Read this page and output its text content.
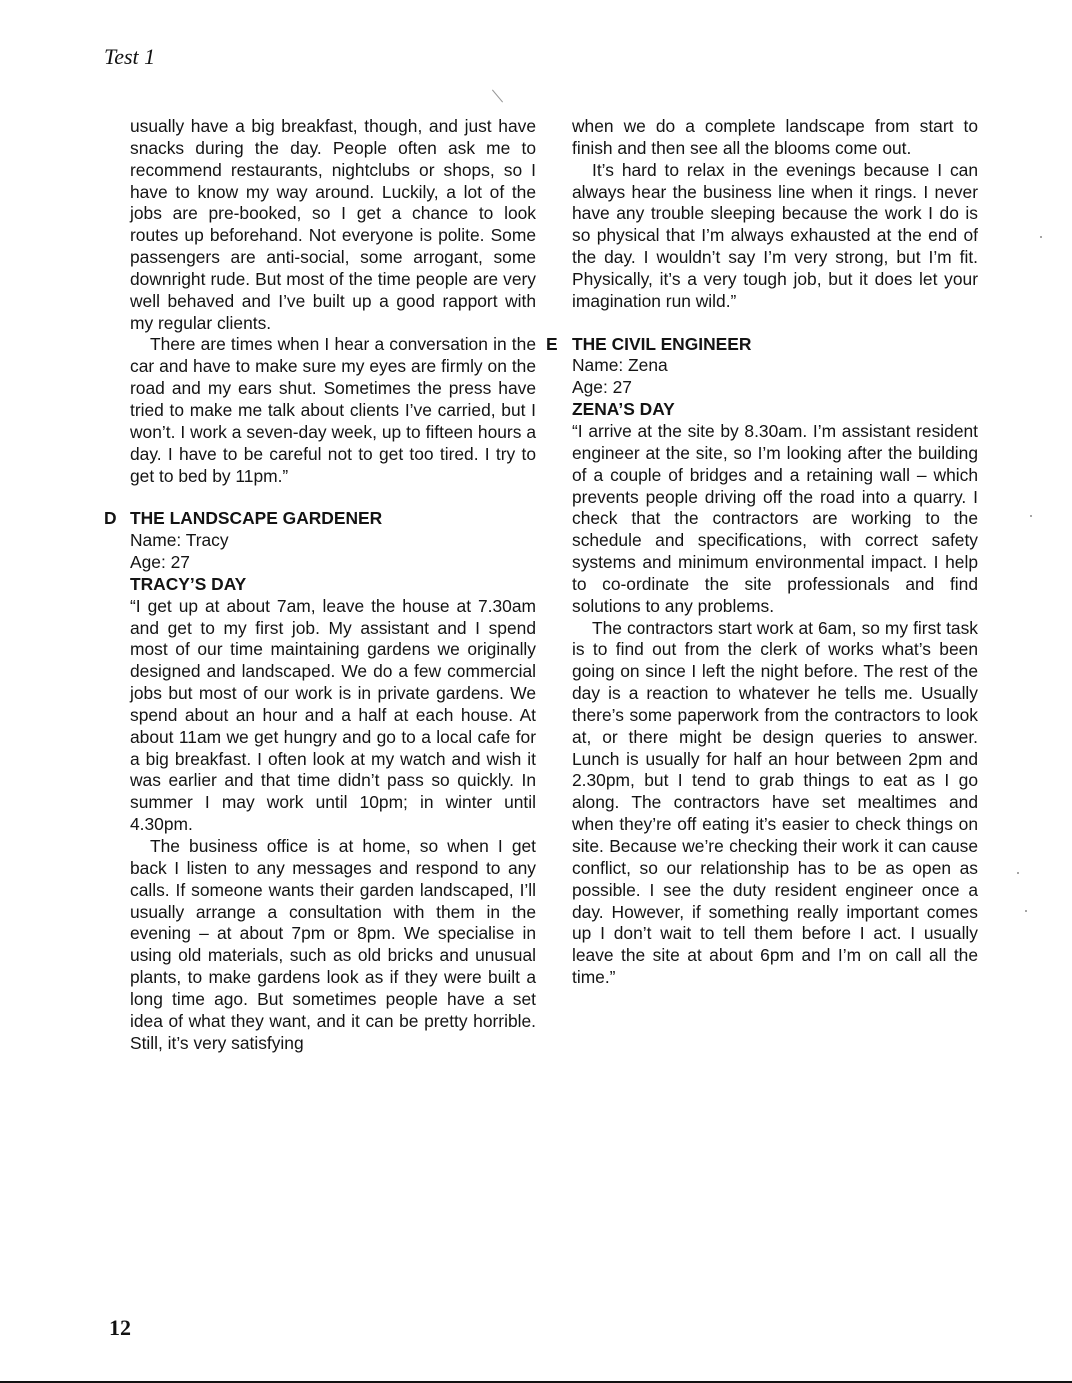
Test 1

usually have a big breakfast, though, and just have snacks during the day. People often ask me to recommend restaurants, nightclubs or shops, so I have to know my way around. Luckily, a lot of the jobs are pre-booked, so I get a chance to look routes up beforehand. Not everyone is polite. Some passengers are anti-social, some arrogant, some downright rude. But most of the time people are very well behaved and I’ve built up a good rapport with my regular clients.

There are times when I hear a conversation in the car and have to make sure my eyes are firmly on the road and my ears shut. Sometimes the press have tried to make me talk about clients I’ve carried, but I won’t. I work a seven-day week, up to fifteen hours a day. I have to be careful not to get too tired. I try to get to bed by 11pm.”

D THE LANDSCAPE GARDENER

Name: Tracy

Age: 27

TRACY’S DAY

“I get up at about 7am, leave the house at 7.30am and get to my first job. My assistant and I spend most of our time maintaining gardens we originally designed and landscaped. We do a few commercial jobs but most of our work is in private gardens. We spend about an hour and a half at each house. At about 11am we get hungry and go to a local cafe for a big breakfast. I often look at my watch and wish it was earlier and that time didn’t pass so quickly. In summer I may work until 10pm; in winter until 4.30pm.

The business office is at home, so when I get back I listen to any messages and respond to any calls. If someone wants their garden landscaped, I’ll usually arrange a consultation with them in the evening – at about 7pm or 8pm. We specialise in using old materials, such as old bricks and unusual plants, to make gardens look as if they were built a long time ago. But sometimes people have a set idea of what they want, and it can be pretty horrible. Still, it’s very satisfying

when we do a complete landscape from start to finish and then see all the blooms come out.

It’s hard to relax in the evenings because I can always hear the business line when it rings. I never have any trouble sleeping because the work I do is so physical that I’m always exhausted at the end of the day. I wouldn’t say I’m very strong, but I’m fit. Physically, it’s a very tough job, but it does let your imagination run wild.”

E THE CIVIL ENGINEER

Name: Zena

Age: 27

ZENA’S DAY

“I arrive at the site by 8.30am. I’m assistant resident engineer at the site, so I’m looking after the building of a couple of bridges and a retaining wall – which prevents people driving off the road into a quarry. I check that the contractors are working to the schedule and specifications, with correct safety systems and minimum environmental impact. I help to co-ordinate the site professionals and find solutions to any problems.

The contractors start work at 6am, so my first task is to find out from the clerk of works what’s been going on since I left the night before. The rest of the day is a reaction to whatever he tells me. Usually there’s some paperwork from the contractors to look at, or there might be design queries to answer. Lunch is usually for half an hour between 2pm and 2.30pm, but I tend to grab things to eat as I go along. The contractors have set mealtimes and when they’re off eating it’s easier to check things on site. Because we’re checking their work it can cause conflict, so our relationship has to be as open as possible. I see the duty resident engineer once a day. However, if something really important comes up I don’t wait to tell them before I act. I usually leave the site at about 6pm and I’m on call all the time.”

12
